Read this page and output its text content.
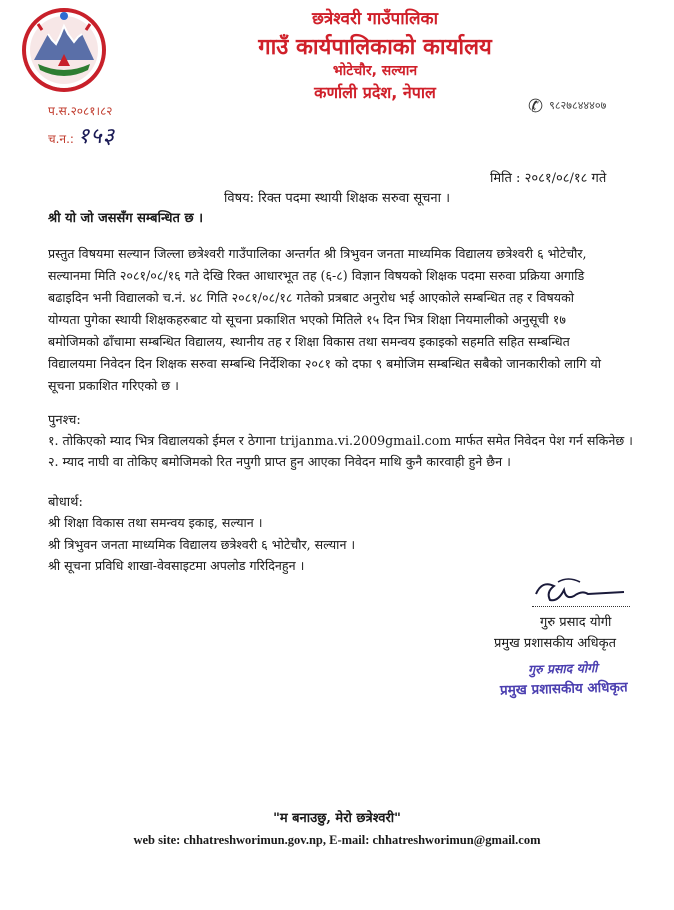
छत्रेश्वरी गाउँपालिका
गाउँ कार्यपालिकाको कार्यालय
भोटेचौर, सल्यान
कर्णाली प्रदेश, नेपाल
प.स.२०८१।८२
च.न.: १५३
✆ ९८२७८४४४०७
मिति : २०८१/०८/१८ गते
विषय: रिक्त पदमा स्थायी शिक्षक सरुवा सूचना ।
श्री यो जो जससँग सम्बन्धित छ ।
प्रस्तुत विषयमा सल्यान जिल्ला छत्रेश्वरी गाउँपालिका अन्तर्गत श्री त्रिभुवन जनता माध्यमिक विद्यालय छत्रेश्वरी ६ भोटेचौर,
सल्यानमा मिति २०८१/०८/१६ गते देखि रिक्त आधारभूत तह (६-८) विज्ञान विषयको शिक्षक पदमा सरुवा प्रक्रिया अगाडि
बढाइदिन भनी विद्यालको च.नं. ४८ गिति २०८१/०८/१८ गतेको प्रत्रबाट अनुरोध भई आएकोले सम्बन्धित तह र विषयको
योग्यता पुगेका स्थायी शिक्षकहरुबाट यो सूचना प्रकाशित भएको मितिले १५ दिन भित्र शिक्षा नियमालीको अनुसूची १७
बमोजिमको ढाँचामा सम्बन्धित विद्यालय, स्थानीय तह र शिक्षा विकास तथा समन्वय इकाइको सहमति सहित सम्बन्धित
विद्यालयमा निवेदन दिन शिक्षक सरुवा सम्बन्धि निर्देशिका २०८१ को दफा ९ बमोजिम सम्बन्धित सबैको जानकारीको लागि यो
सूचना प्रकाशित गरिएको छ ।
पुनश्च:
१. तोकिएको म्याद भित्र विद्यालयको ईमल र ठेगाना trijanma.vi.2009gmail.com मार्फत समेत निवेदन पेश गर्न सकिनेछ ।
२. म्याद नाघी वा तोकिए बमोजिमको रित नपुगी प्राप्त हुन आएका निवेदन माथि कुनै कारवाही हुने छैन ।
बोधार्थ:
श्री शिक्षा विकास तथा समन्वय इकाइ, सल्यान ।
श्री त्रिभुवन जनता माध्यमिक विद्यालय छत्रेश्वरी ६ भोटेचौर, सल्यान ।
श्री सूचना प्रविधि शाखा-वेवसाइटमा अपलोड गरिदिनहुन ।
गुरु प्रसाद योगी
प्रमुख प्रशासकीय अधिकृत
गुरु प्रसाद योगी
प्रमुख प्रशासकीय अधिकृत
"म बनाउछु, मेरो छत्रेश्वरी"
web site: chhatreshworimun.gov.np, E-mail: chhatreshworimun@gmail.com
